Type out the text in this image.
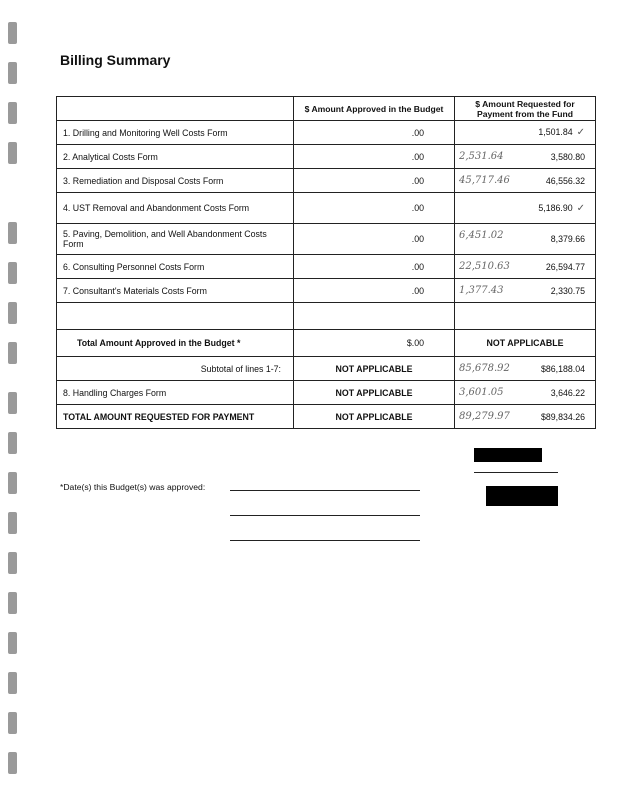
Billing Summary
	$ Amount Approved in the Budget	$ Amount Requested for Payment from the Fund
1. Drilling and Monitoring Well Costs Form	.00	1,501.84 ✓
2. Analytical Costs Form	.00	2,531.64 3,580.80
3. Remediation and Disposal Costs Form	.00	45,717.46 46,556.32
4. UST Removal and Abandonment Costs Form	.00	5,186.90 ✓
5. Paving, Demolition, and Well Abandonment Costs Form	.00	6,451.02 8,379.66
6. Consulting Personnel Costs Form	.00	22,510.63 26,594.77
7. Consultant's Materials Costs Form	.00	1,377.43 2,330.75

Total Amount Approved in the Budget *	$.00	NOT APPLICABLE
Subtotal of lines 1-7:	NOT APPLICABLE	85,678.92 $86,188.04
8. Handling Charges Form	NOT APPLICABLE	3,601.05 3,646.22
TOTAL AMOUNT REQUESTED FOR PAYMENT	NOT APPLICABLE	89,279.97 $89,834.26
*Date(s) this Budget(s) was approved:
